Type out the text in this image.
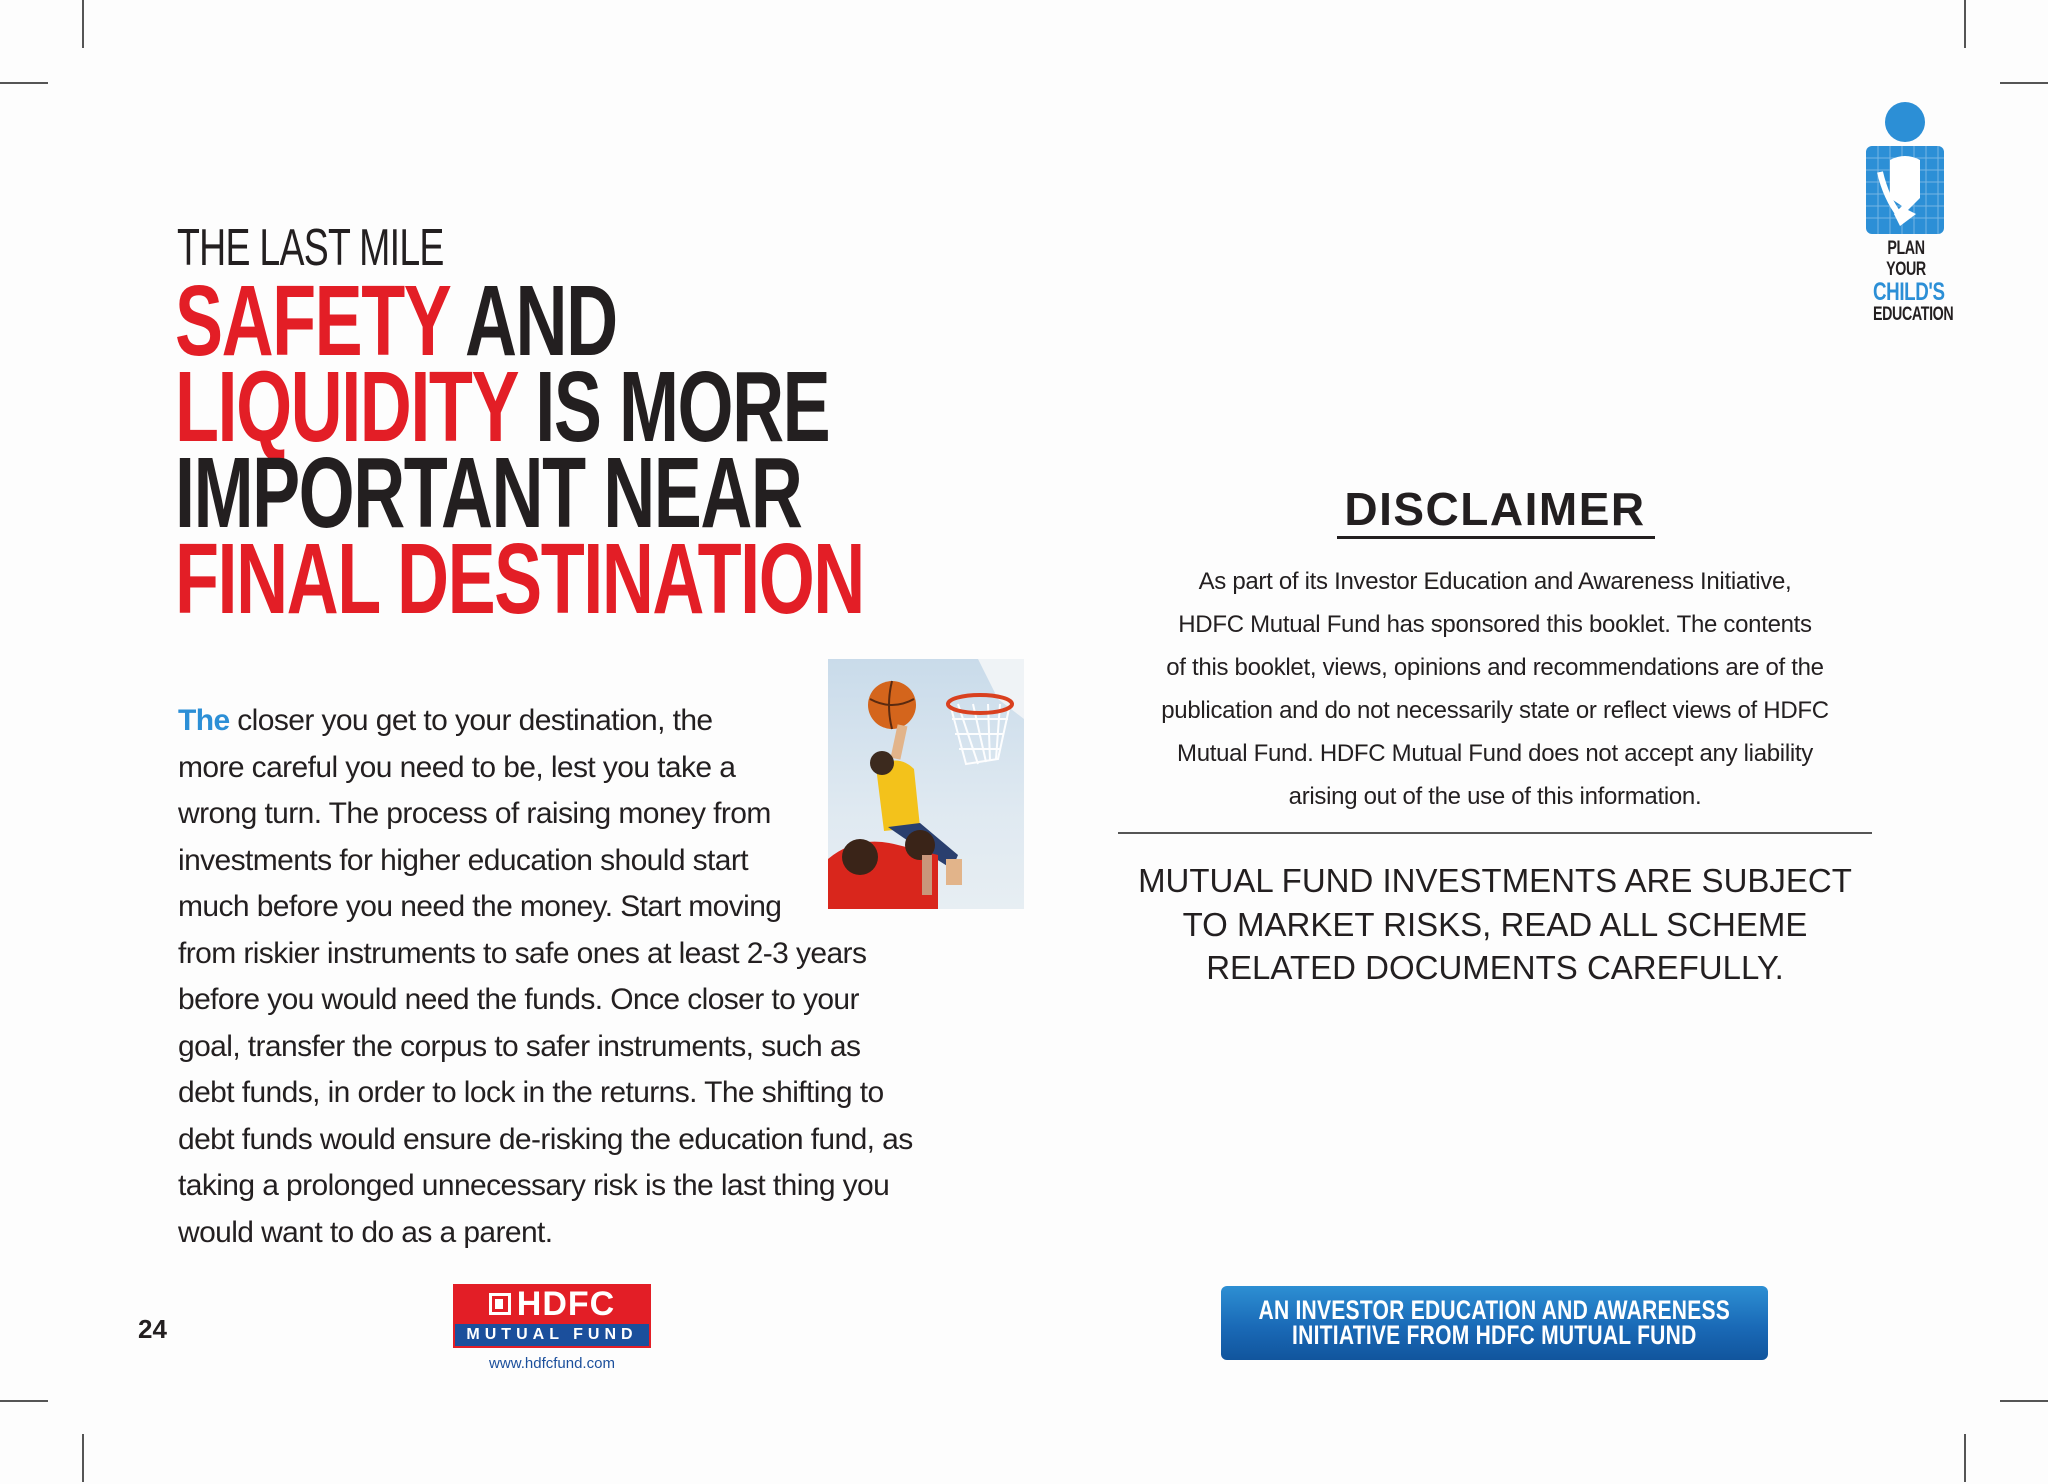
THE LAST MILE
SAFETY AND
LIQUIDITY IS MORE
IMPORTANT NEAR
FINAL DESTINATION
The closer you get to your destination, the
more careful you need to be, lest you take a
wrong turn. The process of raising money from
investments for higher education should start
much before you need the money. Start moving
from riskier instruments to safe ones at least 2-3 years before you would need the funds. Once closer to your goal, transfer the corpus to safer instruments, such as debt funds, in order to lock in the returns. The shifting to debt funds would ensure de-risking the education fund, as taking a prolonged unnecessary risk is the last thing you would want to do as a parent.
24
HDFC
MUTUAL FUND
www.hdfcfund.com
PLAN YOUR
CHILD'S
EDUCATION
DISCLAIMER
As part of its Investor Education and Awareness Initiative,
HDFC Mutual Fund has sponsored this booklet. The contents
of this booklet, views, opinions and recommendations are of the
publication and do not necessarily state or reflect views of HDFC
Mutual Fund. HDFC Mutual Fund does not accept any liability
arising out of the use of this information.
MUTUAL FUND INVESTMENTS ARE SUBJECT
TO MARKET RISKS, READ ALL SCHEME
RELATED DOCUMENTS CAREFULLY.
AN INVESTOR EDUCATION AND AWARENESS
INITIATIVE FROM HDFC MUTUAL FUND
